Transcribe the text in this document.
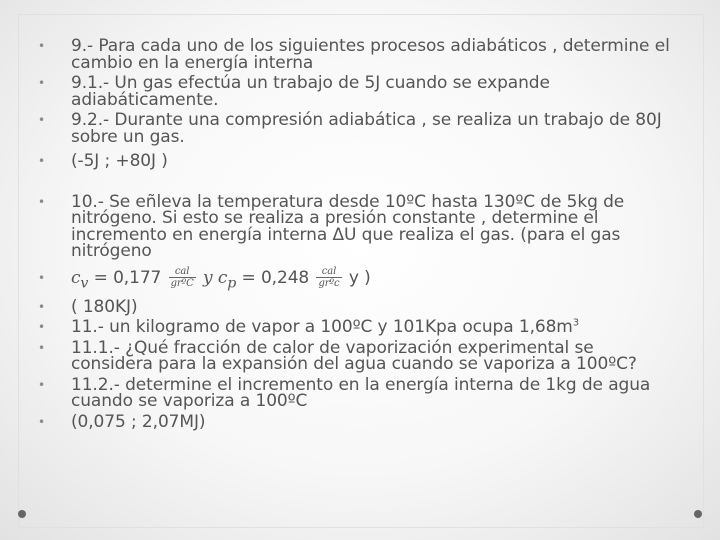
• 9.- Para cada uno de los siguientes procesos adiabáticos , determine el cambio en la energía interna

• 9.1.- Un gas efectúa un trabajo de 5J cuando se expande adiabáticamente.

• 9.2.- Durante una compresión adiabática , se realiza un trabajo de 80J sobre un gas.

• (-5J ; +80J )

• 10.- Se eñleva la temperatura desde 10ºC hasta 130ºC de 5kg de nitrógeno. Si esto se realiza a presión constante , determine el incremento en energía interna ΔU que realiza el gas. (para el gas nitrógeno

• $c_v = 0,177 \frac{\text{cal}}{\text{grºC}}$ y $c_p = 0,248 \frac{\text{cal}}{\text{grºc}}$ y )

• ( 180KJ)

• 11.- un kilogramo de vapor a 100ºC y 101Kpa ocupa $1,68m^3$

• 11.1.- ¿Qué fracción de calor de vaporización experimental se considera para la expansión del agua cuando se vaporiza a 100ºC?

• 11.2.- determine el incremento en la energía interna de 1kg de agua cuando se vaporiza a 100ºC

• (0,075 ; 2,07MJ)
